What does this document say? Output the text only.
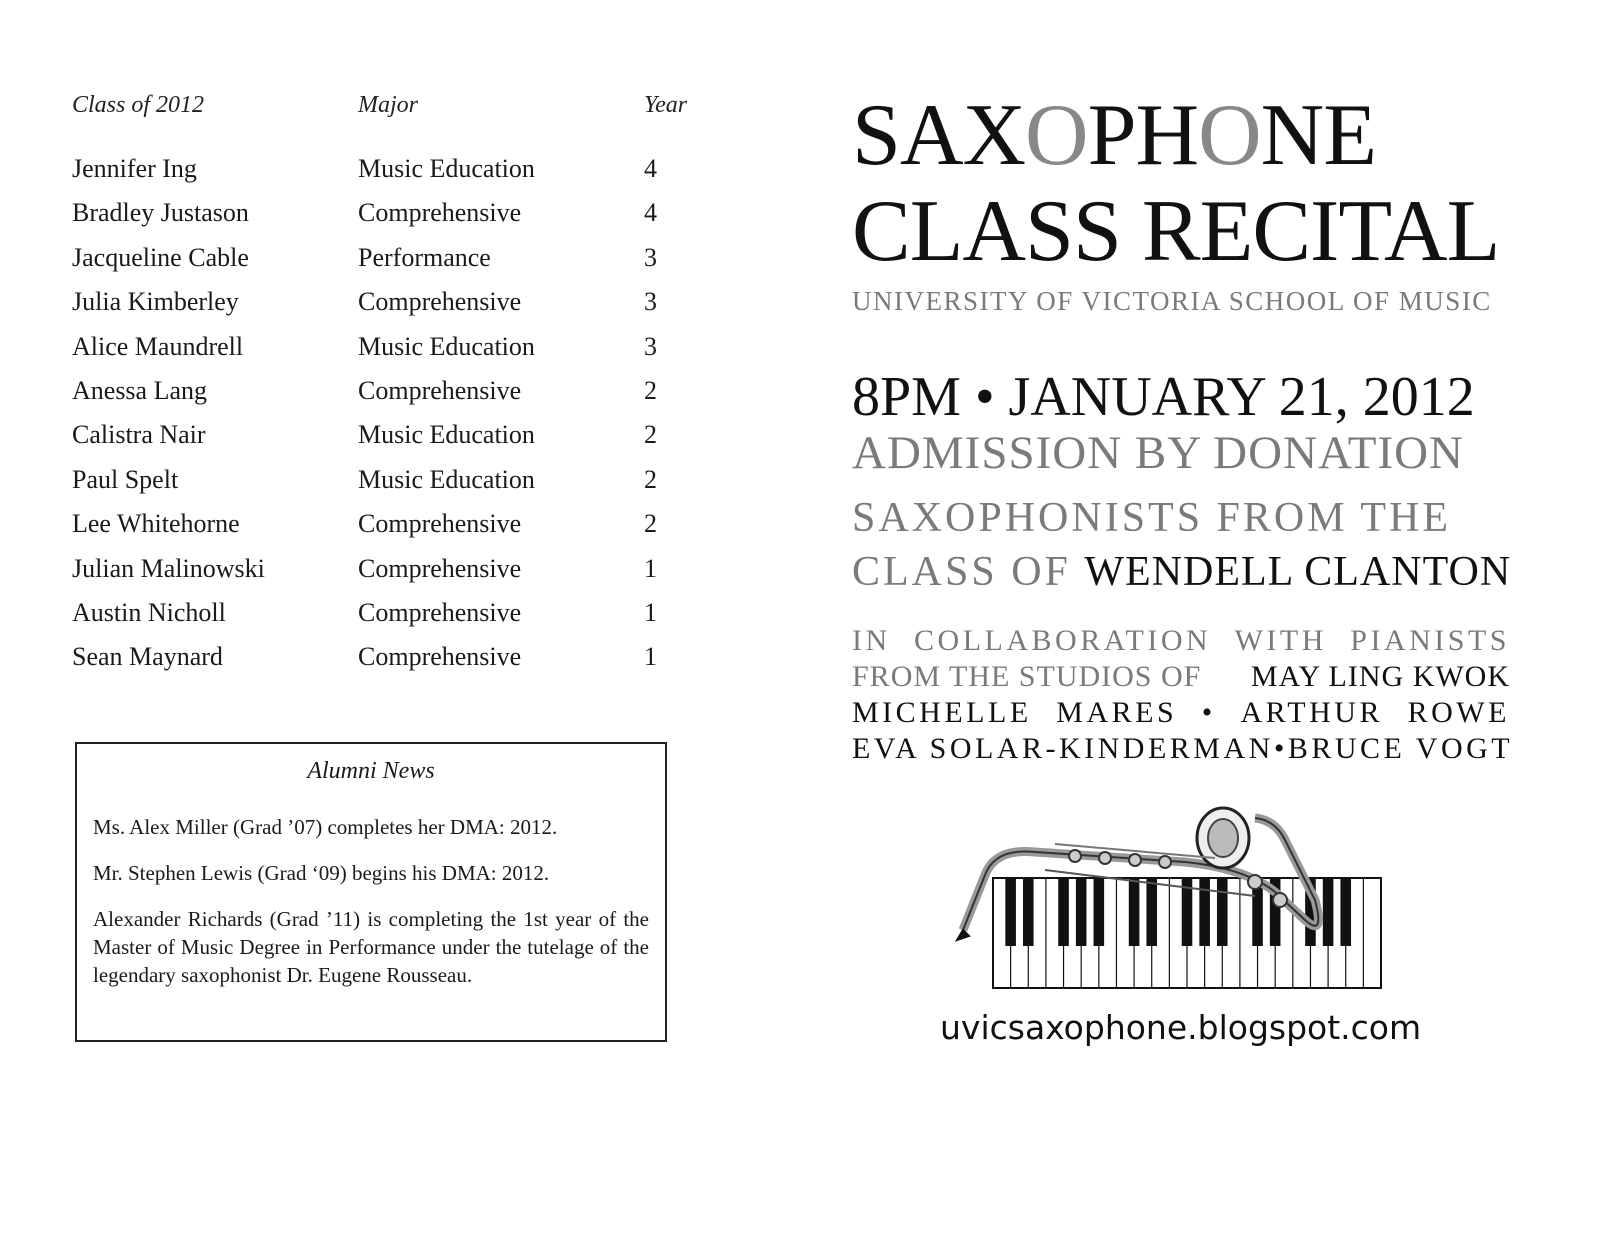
Class of 2012	Major	Year
Jennifer Ing	Music Education	4
Bradley Justason	Comprehensive	4
Jacqueline Cable	Performance	3
Julia Kimberley	Comprehensive	3
Alice Maundrell	Music Education	3
Anessa Lang	Comprehensive	2
Calistra Nair	Music Education	2
Paul Spelt	Music Education	2
Lee Whitehorne	Comprehensive	2
Julian Malinowski	Comprehensive	1
Austin Nicholl	Comprehensive	1
Sean Maynard	Comprehensive	1
Alumni News

Ms. Alex Miller (Grad ’07) completes her DMA: 2012.

Mr. Stephen Lewis (Grad ‘09) begins his DMA: 2012.

Alexander Richards (Grad ’11) is completing the 1st year of the Master of Music Degree in Performance under the tutelage of the legendary saxophonist Dr. Eugene Rousseau.

SAXOPHONE
CLASS RECITAL
UNIVERSITY OF VICTORIA SCHOOL OF MUSIC
8PM • JANUARY 21, 2012
ADMISSION BY DONATION
SAXOPHONISTS FROM THE
CLASS OF WENDELL CLANTON
IN COLLABORATION WITH PIANISTS
FROM THE STUDIOS OF MAY LING KWOK
MICHELLE MARES • ARTHUR ROWE
EVA SOLAR-KINDERMAN • BRUCE VOGT
uvicsaxophone.blogspot.com
